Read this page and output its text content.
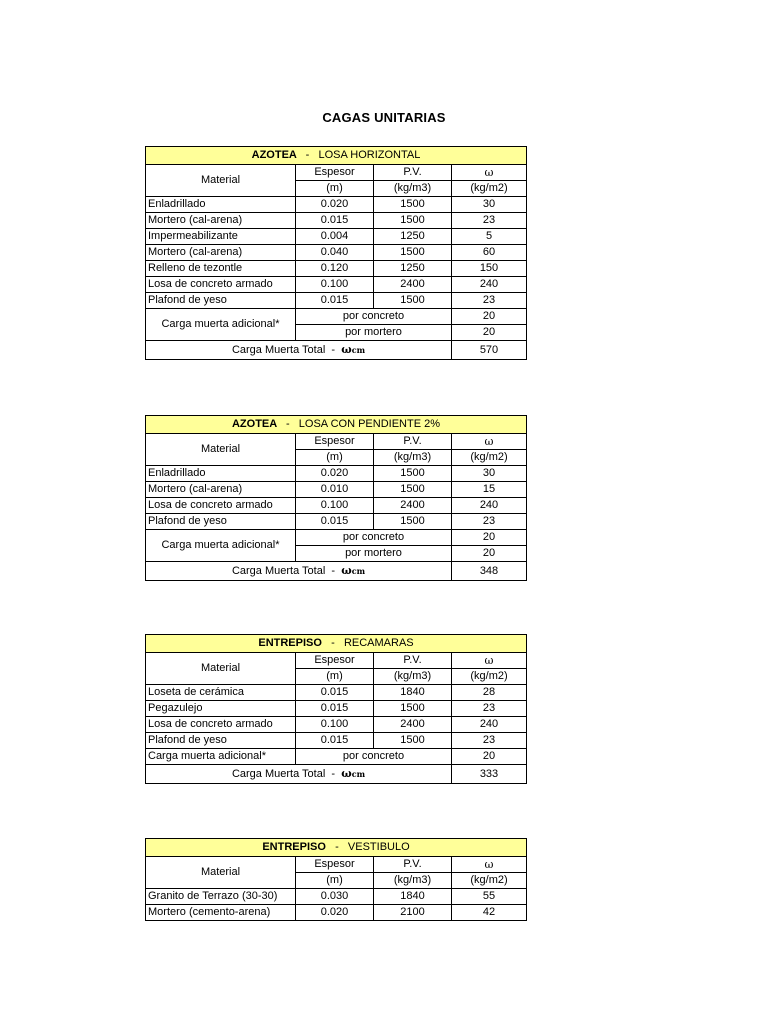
CAGAS UNITARIAS
AZOTEA - LOSA HORIZONTAL			
Material	Espesor	P.V.	ω
	(m)	(kg/m3)	(kg/m2)
Enladrillado	0.020	1500	30
Mortero (cal-arena)	0.015	1500	23
Impermeabilizante	0.004	1250	5
Mortero (cal-arena)	0.040	1500	60
Relleno de tezontle	0.120	1250	150
Losa de concreto armado	0.100	2400	240
Plafond de yeso	0.015	1500	23
Carga muerta adicional*	por concreto		20
	por mortero		20
Carga Muerta Total - ωcm			570
AZOTEA - LOSA CON PENDIENTE 2%			
Material	Espesor	P.V.	ω
	(m)	(kg/m3)	(kg/m2)
Enladrillado	0.020	1500	30
Mortero (cal-arena)	0.010	1500	15
Losa de concreto armado	0.100	2400	240
Plafond de yeso	0.015	1500	23
Carga muerta adicional*	por concreto		20
	por mortero		20
Carga Muerta Total - ωcm			348
ENTREPISO - RECAMARAS			
Material	Espesor	P.V.	ω
	(m)	(kg/m3)	(kg/m2)
Loseta de cerámica	0.015	1840	28
Pegazulejo	0.015	1500	23
Losa de concreto armado	0.100	2400	240
Plafond de yeso	0.015	1500	23
Carga muerta adicional*	por concreto		20
Carga Muerta Total - ωcm			333
ENTREPISO - VESTIBULO			
Material	Espesor	P.V.	ω
	(m)	(kg/m3)	(kg/m2)
Granito de Terrazo (30-30)	0.030	1840	55
Mortero (cemento-arena)	0.020	2100	42
